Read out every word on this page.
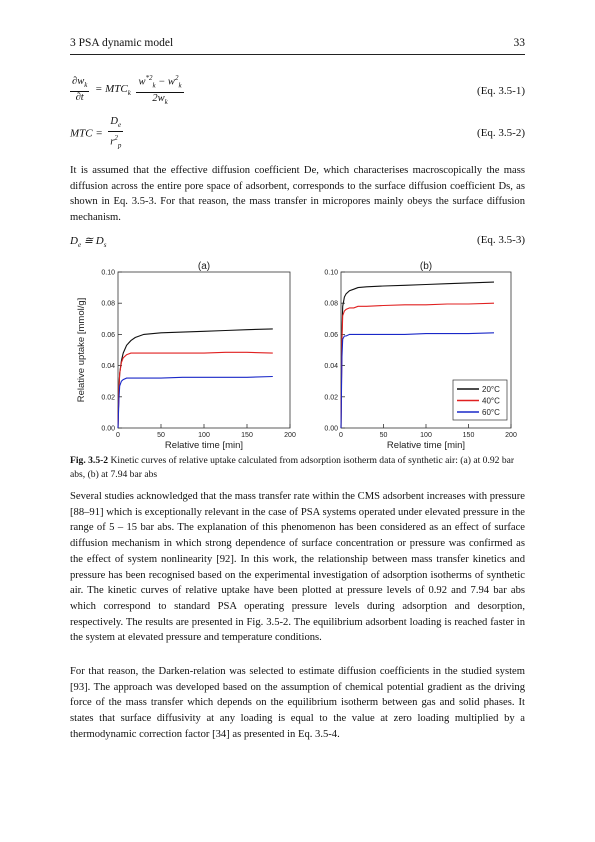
3 PSA dynamic model	33
$\frac{\partial w_k}{\partial t} = MTC_k \frac{w^{*2}_k - w^2_k}{2w_k}$	(Eq. 3.5-1)
MTC = $\frac{D_e}{r^2_p}$	(Eq. 3.5-2)
It is assumed that the effective diffusion coefficient De, which characterises macroscopically the mass diffusion across the entire pore space of adsorbent, corresponds to the surface diffusion coefficient Ds, as shown in Eq. 3.5-3. For that reason, the mass transfer in micropores mainly obeys the surface diffusion mechanism.
$D_e$ ≅ $D_s$	(Eq. 3.5-3)
(a)
0.00
0.02
0.04
0.06
0.08
0.10
0	50	100	150	200
Relative time [min]
Relative uptake [mmol/g]
(b)
0.00
0.02
0.04
0.06
0.08
0.10
0	50	100	150	200
Relative time [min]
20°C
40°C
60°C
Fig. 3.5-2 Kinetic curves of relative uptake calculated from adsorption isotherm data of synthetic air: (a) at 0.92 bar abs, (b) at 7.94 bar abs
Several studies acknowledged that the mass transfer rate within the CMS adsorbent increases with pressure [88–91] which is exceptionally relevant in the case of PSA systems operated under elevated pressure in the range of 5 – 15 bar abs. The explanation of this phenomenon has been considered as an effect of surface diffusion mechanism in which strong dependence of surface concentration or pressure was confirmed as the effect of system nonlinearity [92]. In this work, the relationship between mass transfer kinetics and pressure has been recognised based on the experimental investigation of adsorption isotherms of synthetic air. The kinetic curves of relative uptake have been plotted at pressure levels of 0.92 and 7.94 bar abs which correspond to standard PSA operating pressure levels during adsorption and desorption, respectively. The results are presented in Fig. 3.5-2. The equilibrium adsorbent loading is reached faster in the system at elevated pressure and temperature conditions.
For that reason, the Darken-relation was selected to estimate diffusion coefficients in the studied system [93]. The approach was developed based on the assumption of chemical potential gradient as the driving force of the mass transfer which depends on the equilibrium isotherm between gas and solid phases. It states that surface diffusivity at any loading is equal to the value at zero loading multiplied by a thermodynamic correction factor [34] as presented in Eq. 3.5-4.
